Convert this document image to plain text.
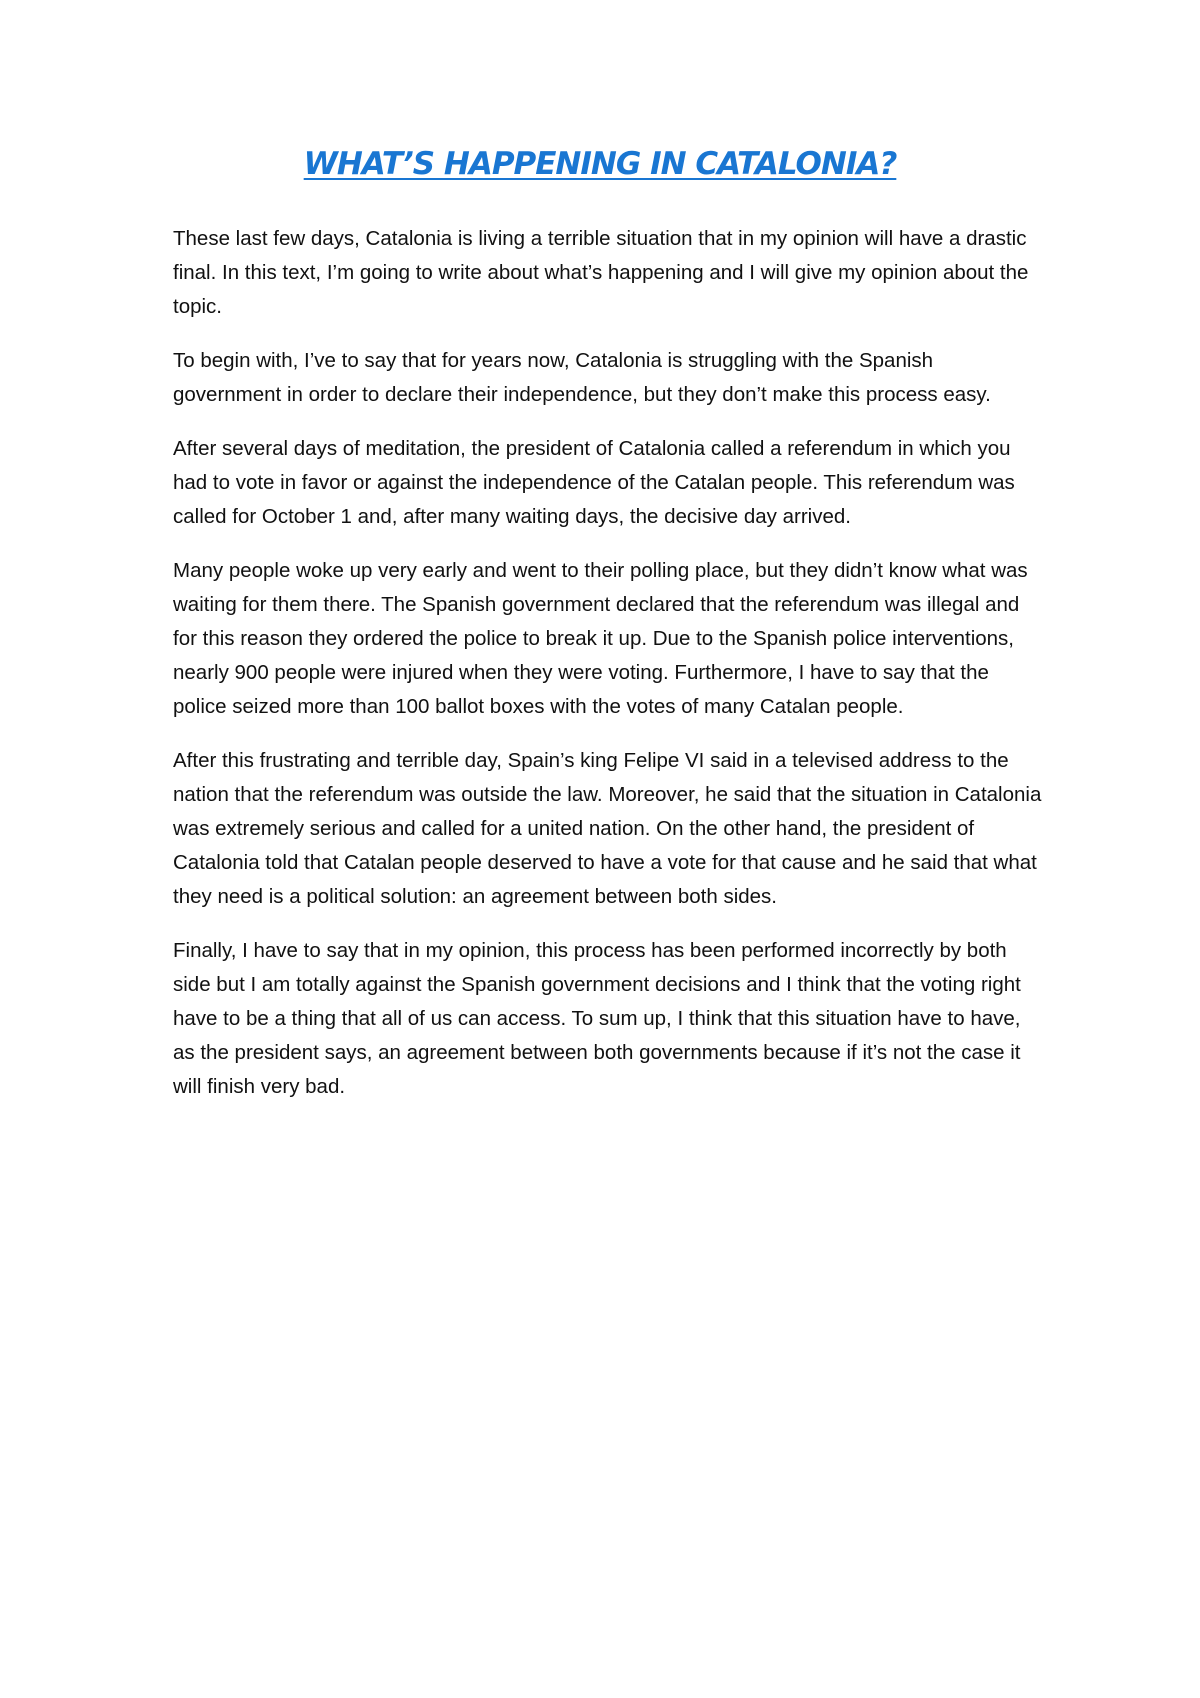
WHAT’S HAPPENING IN CATALONIA?

These last few days, Catalonia is living a terrible situation that in my opinion will have a drastic final. In this text, I’m going to write about what’s happening and I will give my opinion about the topic.

To begin with, I’ve to say that for years now, Catalonia is struggling with the Spanish government in order to declare their independence, but they don’t make this process easy.

After several days of meditation, the president of Catalonia called a referendum in which you had to vote in favor or against the independence of the Catalan people. This referendum was called for October 1 and, after many waiting days, the decisive day arrived.

Many people woke up very early and went to their polling place, but they didn’t know what was waiting for them there. The Spanish government declared that the referendum was illegal and for this reason they ordered the police to break it up. Due to the Spanish police interventions, nearly 900 people were injured when they were voting. Furthermore, I have to say that the police seized more than 100 ballot boxes with the votes of many Catalan people.

After this frustrating and terrible day, Spain’s king Felipe VI said in a televised address to the nation that the referendum was outside the law. Moreover, he said that the situation in Catalonia was extremely serious and called for a united nation. On the other hand, the president of Catalonia told that Catalan people deserved to have a vote for that cause and he said that what they need is a political solution: an agreement between both sides.

Finally, I have to say that in my opinion, this process has been performed incorrectly by both side but I am totally against the Spanish government decisions and I think that the voting right have to be a thing that all of us can access. To sum up, I think that this situation have to have, as the president says, an agreement between both governments because if it’s not the case it will finish very bad.
